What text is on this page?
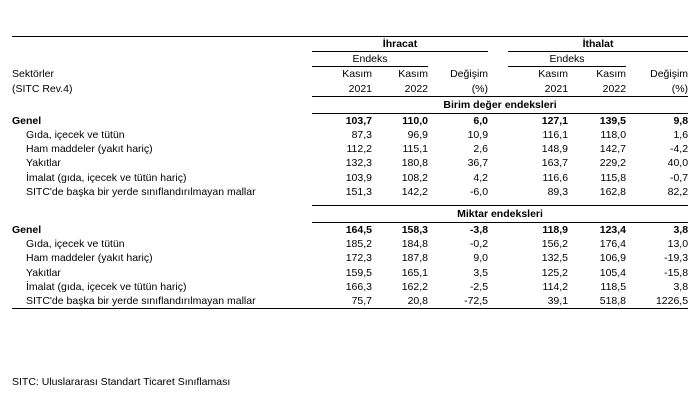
	İhracat				İthalat		
	Endeks				Endeks		
Sektörler	Kasım	Kasım	Değişim		Kasım	Kasım	Değişim
(SITC Rev.4)	2021	2022	(%)		2021	2022	(%)
	Birim değer endeksleri						
Genel	103,7	110,0	6,0		127,1	139,5	9,8
Gıda, içecek ve tütün	87,3	96,9	10,9		116,1	118,0	1,6
Ham maddeler (yakıt hariç)	112,2	115,1	2,6		148,9	142,7	-4,2
Yakıtlar	132,3	180,8	36,7		163,7	229,2	40,0
İmalat (gıda, içecek ve tütün hariç)	103,9	108,2	4,2		116,6	115,8	-0,7
SITC'de başka bir yerde sınıflandırılmayan mallar	151,3	142,2	-6,0		89,3	162,8	82,2

	Miktar endeksleri						
Genel	164,5	158,3	-3,8		118,9	123,4	3,8
Gıda, içecek ve tütün	185,2	184,8	-0,2		156,2	176,4	13,0
Ham maddeler (yakıt hariç)	172,3	187,8	9,0		132,5	106,9	-19,3
Yakıtlar	159,5	165,1	3,5		125,2	105,4	-15,8
İmalat (gıda, içecek ve tütün hariç)	166,3	162,2	-2,5		114,2	118,5	3,8
SITC'de başka bir yerde sınıflandırılmayan mallar	75,7	20,8	-72,5		39,1	518,8	1226,5
SITC: Uluslararası Standart Ticaret Sınıflaması
